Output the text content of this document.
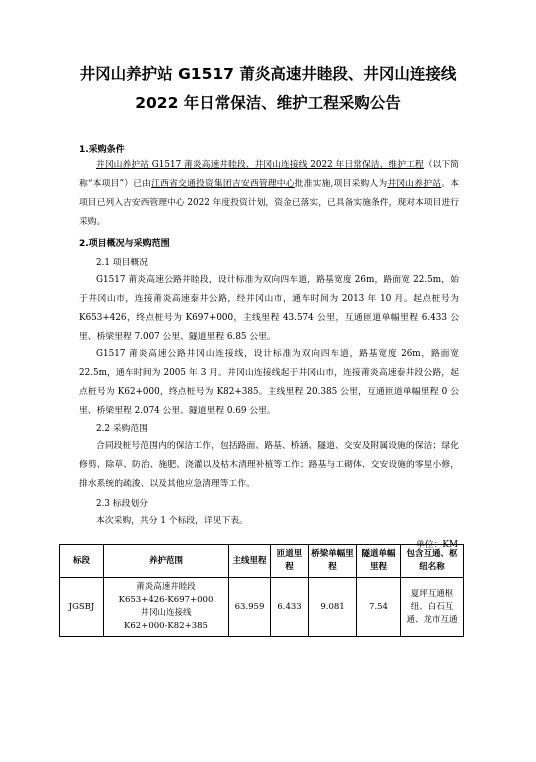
井冈山养护站 G1517 莆炎高速井睦段、井冈山连接线
2022 年日常保洁、维护工程采购公告
1.采购条件
井冈山养护站 G1517 莆炎高速井睦段、井冈山连接线 2022 年日常保洁、维护工程（以下简称“本项目”）已由江西省交通投资集团吉安西管理中心批准实施,项目采购人为井冈山养护站。本项目已列入吉安西管理中心 2022 年度投资计划，资金已落实，已具备实施条件，现对本项目进行采购。
2.项目概况与采购范围
2.1 项目概况
G1517 莆炎高速公路井睦段，设计标准为双向四车道，路基宽度 26m，路面宽 22.5m，始于井冈山市，连接莆炎高速泰井公路，经井冈山市，通车时间为 2013 年 10 月。起点桩号为 K653+426，终点桩号为 K697+000，主线里程 43.574 公里，互通匝道单幅里程 6.433 公里、桥梁里程 7.007 公里、隧道里程 6.85 公里。
G1517 莆炎高速公路井冈山连接线，设计标准为双向四车道，路基宽度 26m，路面宽 22.5m，通车时间为 2005 年 3 月。井冈山连接线起于井冈山市，连接莆炎高速泰井段公路，起点桩号为 K62+000，终点桩号为 K82+385。主线里程 20.385 公里，互通匝道单幅里程 0 公里、桥梁里程 2.074 公里、隧道里程 0.69 公里。
2.2 采购范围
合同段桩号范围内的保洁工作，包括路面、路基、桥涵、隧道、交安及附属设施的保洁；绿化修剪、除草、防治、施肥、浇灌以及枯木清理补植等工作；路基与工砌体、交安设施的零星小修，排水系统的疏浚、以及其他应急清理等工作。
2.3 标段划分
本次采购，共分 1 个标段，详见下表。
单位：KM
标段	养护范围	主线里程	匝道里程	桥梁单幅里程	隧道单幅里程	包含互通、枢纽名称
JGSBJ	莆炎高速井睦段
K653+426-K697+000
井冈山连接线
K62+000-K82+385	63.959	6.433	9.081	7.54	夏坪互通枢纽、白石互通、龙市互通
